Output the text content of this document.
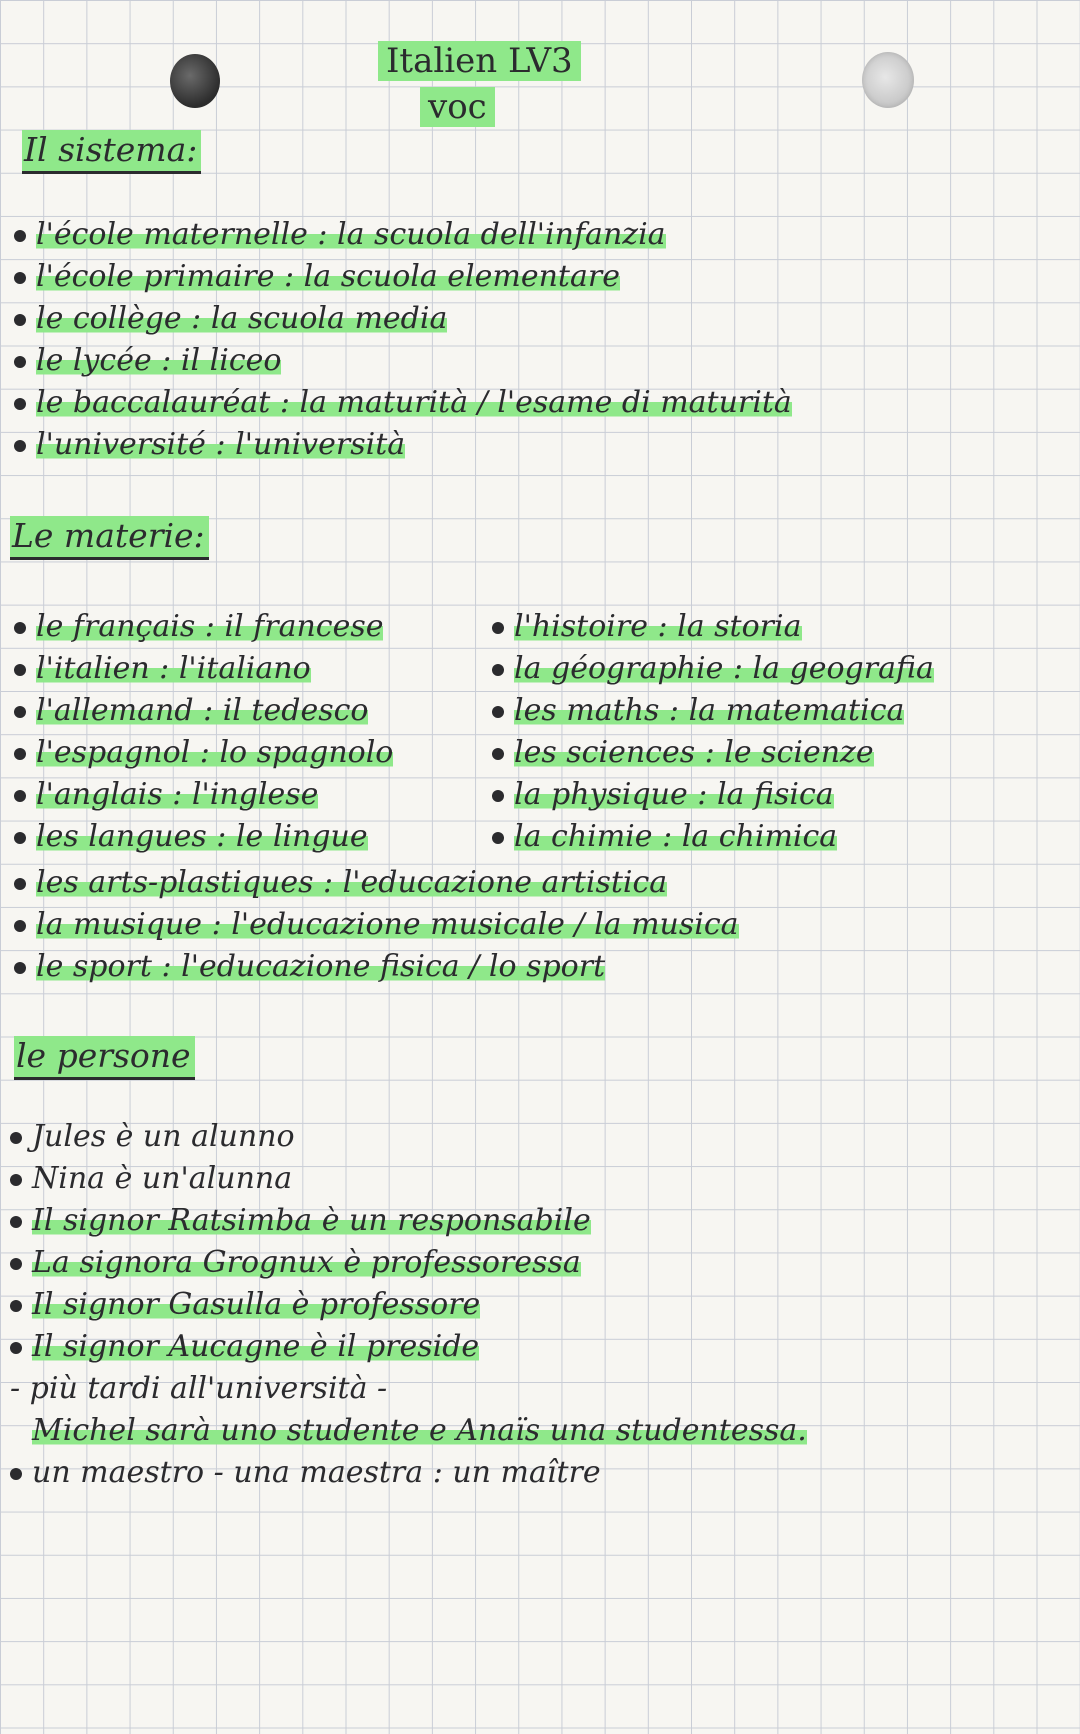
Italien LV3
voc
Il sistema:
l'école maternelle : la scuola dell'infanzia
l'école primaire : la scuola elementare
le collège : la scuola media
le lycée : il liceo
le baccalauréat : la maturità / l'esame di maturità
l'université : l'università
Le materie:
le français : il francese
l'italien : l'italiano
l'allemand : il tedesco
l'espagnol : lo spagnolo
l'anglais : l'inglese
les langues : le lingue
l'histoire : la storia
la géographie : la geografia
les maths : la matematica
les sciences : le scienze
la physique : la fisica
la chimie : la chimica
les arts-plastiques : l'educazione artistica
la musique : l'educazione musicale / la musica
le sport : l'educazione fisica / lo sport
le persone
Jules è un alunno
Nina è un'alunna
Il signor Ratsimba è un responsabile
La signora Grognux è professoressa
Il signor Gasulla è professore
Il signor Aucagne è il preside
- più tardi all'università -
Michel sarà uno studente e Anaïs una studentessa.
un maestro - una maestra : un maître
